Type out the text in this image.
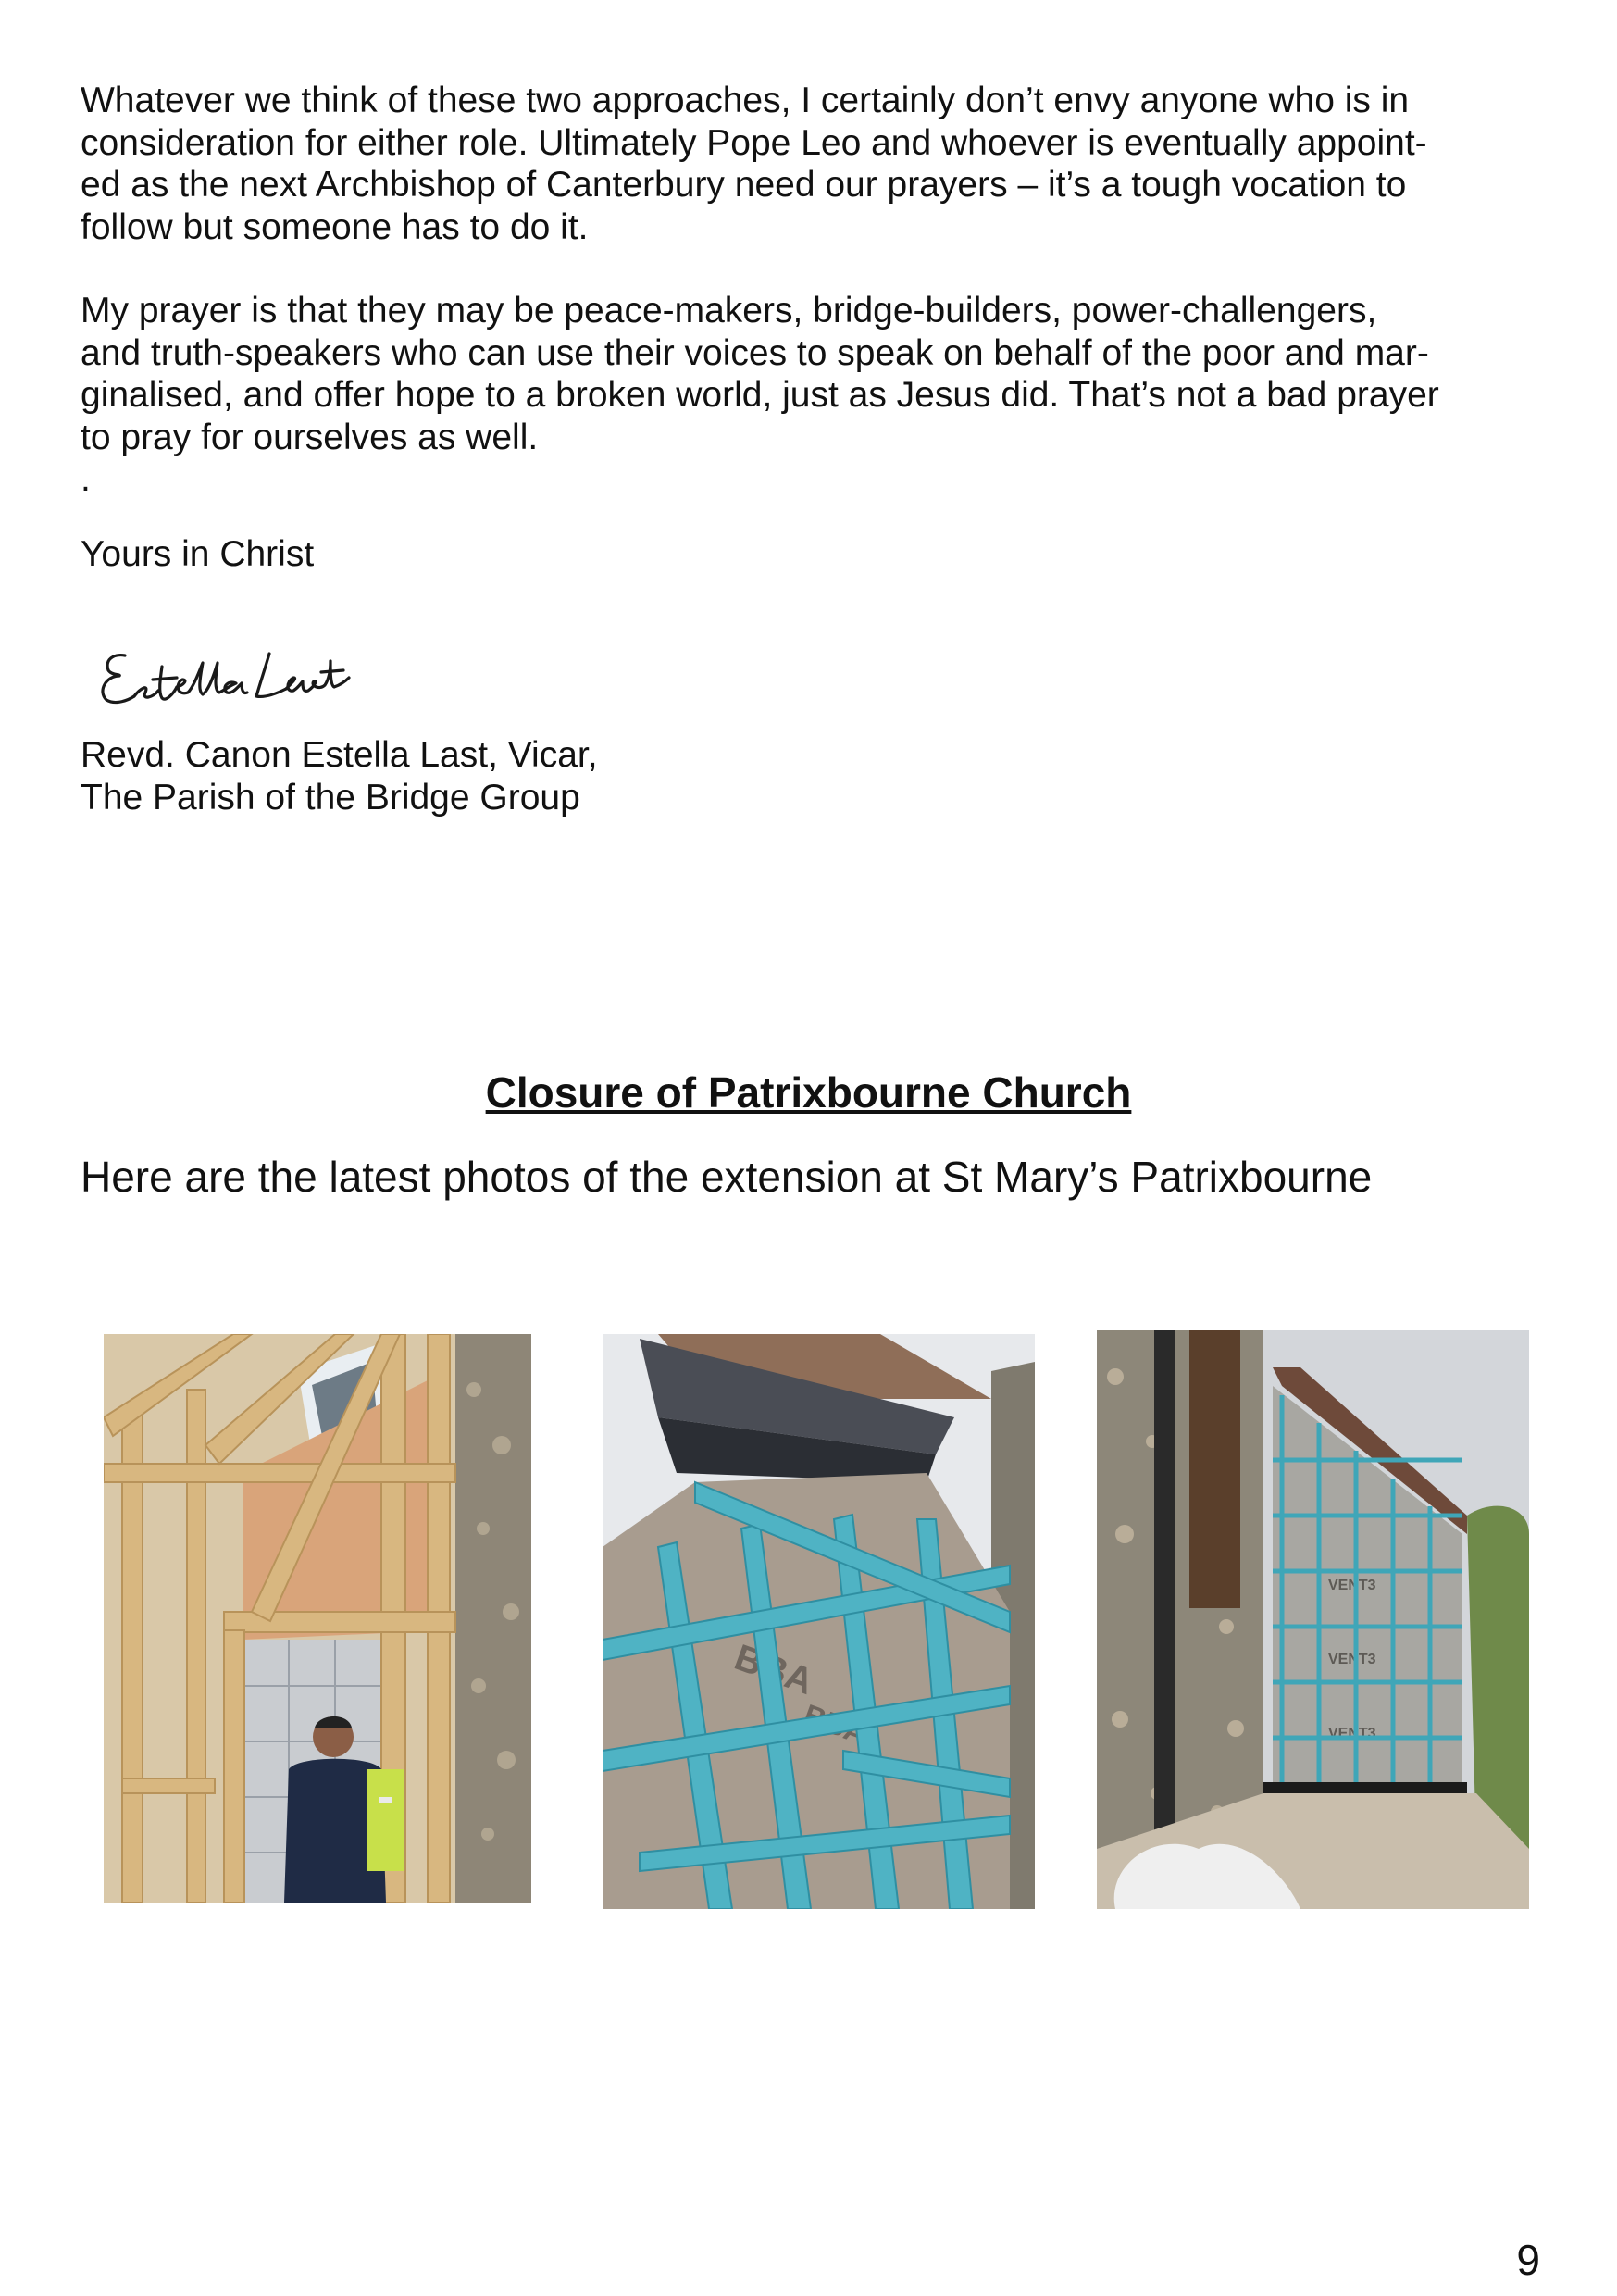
Whatever we think of these two approaches, I certainly don’t envy anyone who is in
consideration for either role. Ultimately Pope Leo and whoever is eventually appoint-
ed as the next Archbishop of Canterbury need our prayers – it’s a tough vocation to
follow but someone has to do it.
My prayer is that they may be peace-makers, bridge-builders, power-challengers,
and truth-speakers who can use their voices to speak on behalf of the poor and mar-
ginalised, and offer hope to a broken world, just as Jesus did. That’s not a bad prayer
to pray for ourselves as well.
.
Yours in Christ
Revd. Canon Estella Last, Vicar,
The Parish of the Bridge Group
Closure of Patrixbourne Church
Here are the latest photos of the extension at St Mary’s Patrixbourne
VENT3
VENT3
VENT3
9
